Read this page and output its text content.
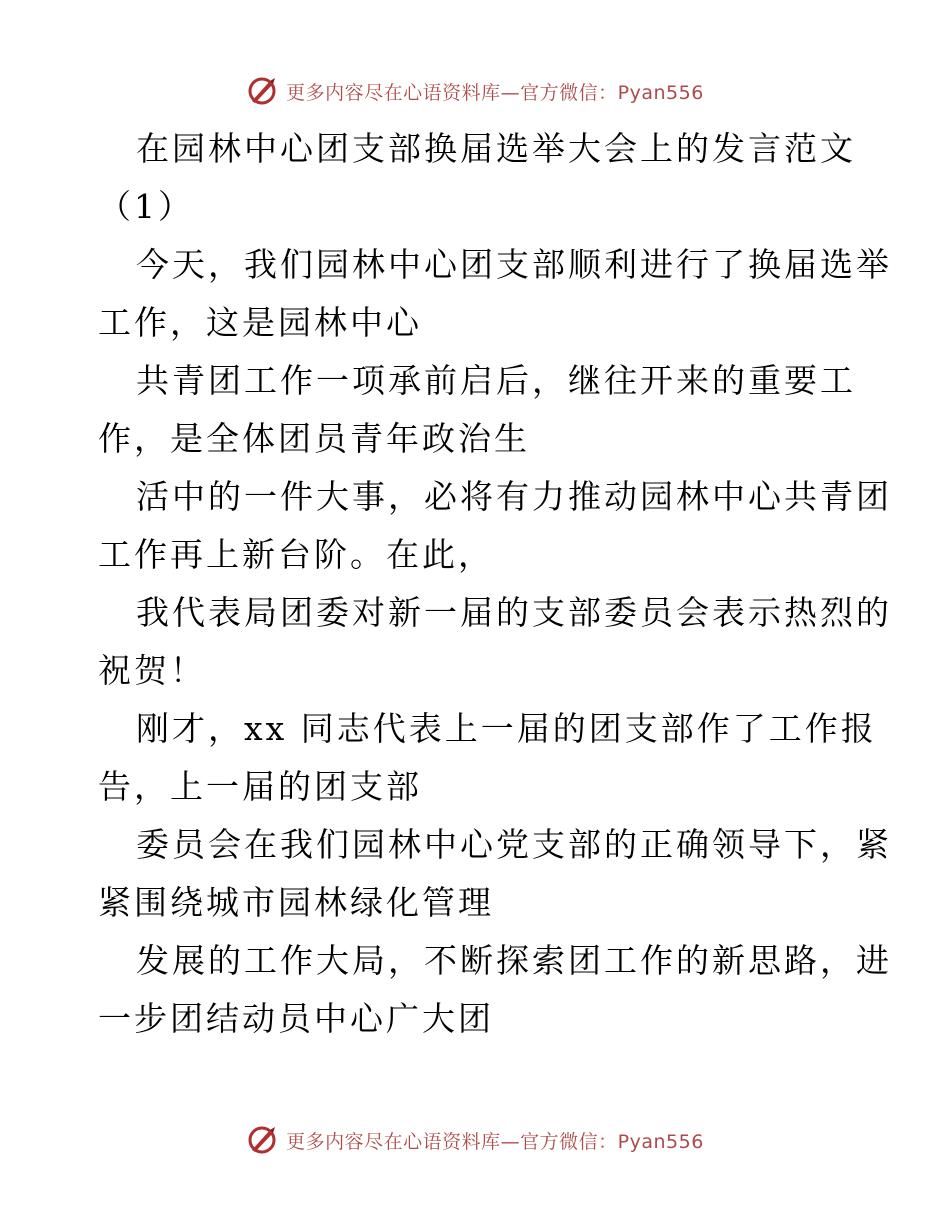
更多内容尽在心语资料库—官方微信：Pyan556
在园林中心团支部换届选举大会上的发言范文
（1）
今天，我们园林中心团支部顺利进行了换届选举
工作，这是园林中心
共青团工作一项承前启后，继往开来的重要工
作，是全体团员青年政治生
活中的一件大事，必将有力推动园林中心共青团
工作再上新台阶。在此，
我代表局团委对新一届的支部委员会表示热烈的
祝贺！
刚才，xx 同志代表上一届的团支部作了工作报
告，上一届的团支部
委员会在我们园林中心党支部的正确领导下，紧
紧围绕城市园林绿化管理
发展的工作大局，不断探索团工作的新思路，进
一步团结动员中心广大团
更多内容尽在心语资料库—官方微信：Pyan556
